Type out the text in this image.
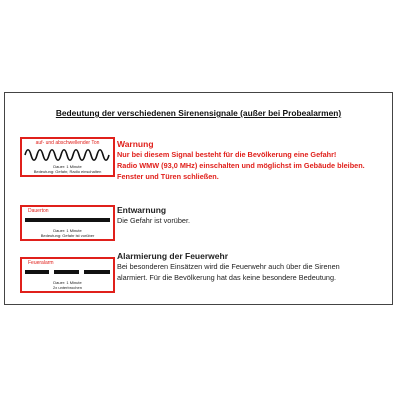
Bedeutung der verschiedenen Sirenensignale (außer bei Probealarmen)
auf- und abschwellender Ton
Dauer: 1 Minute
Bedeutung: Gefahr, Radio einschalten
Warnung
Nur bei diesem Signal besteht für die Bevölkerung eine Gefahr!
Radio WMW (93,0 MHz) einschalten und möglichst im Gebäude bleiben.
Fenster und Türen schließen.
Dauerton
Dauer: 1 Minute
Bedeutung: Gefahr ist vorüber
Entwarnung
Die Gefahr ist vorüber.
Feueralarm
Dauer: 1 Minute
2x unterbrochen
Alarmierung der Feuerwehr
Bei besonderen Einsätzen wird die Feuerwehr auch über die Sirenen
alarmiert. Für die Bevölkerung hat das keine besondere Bedeutung.
